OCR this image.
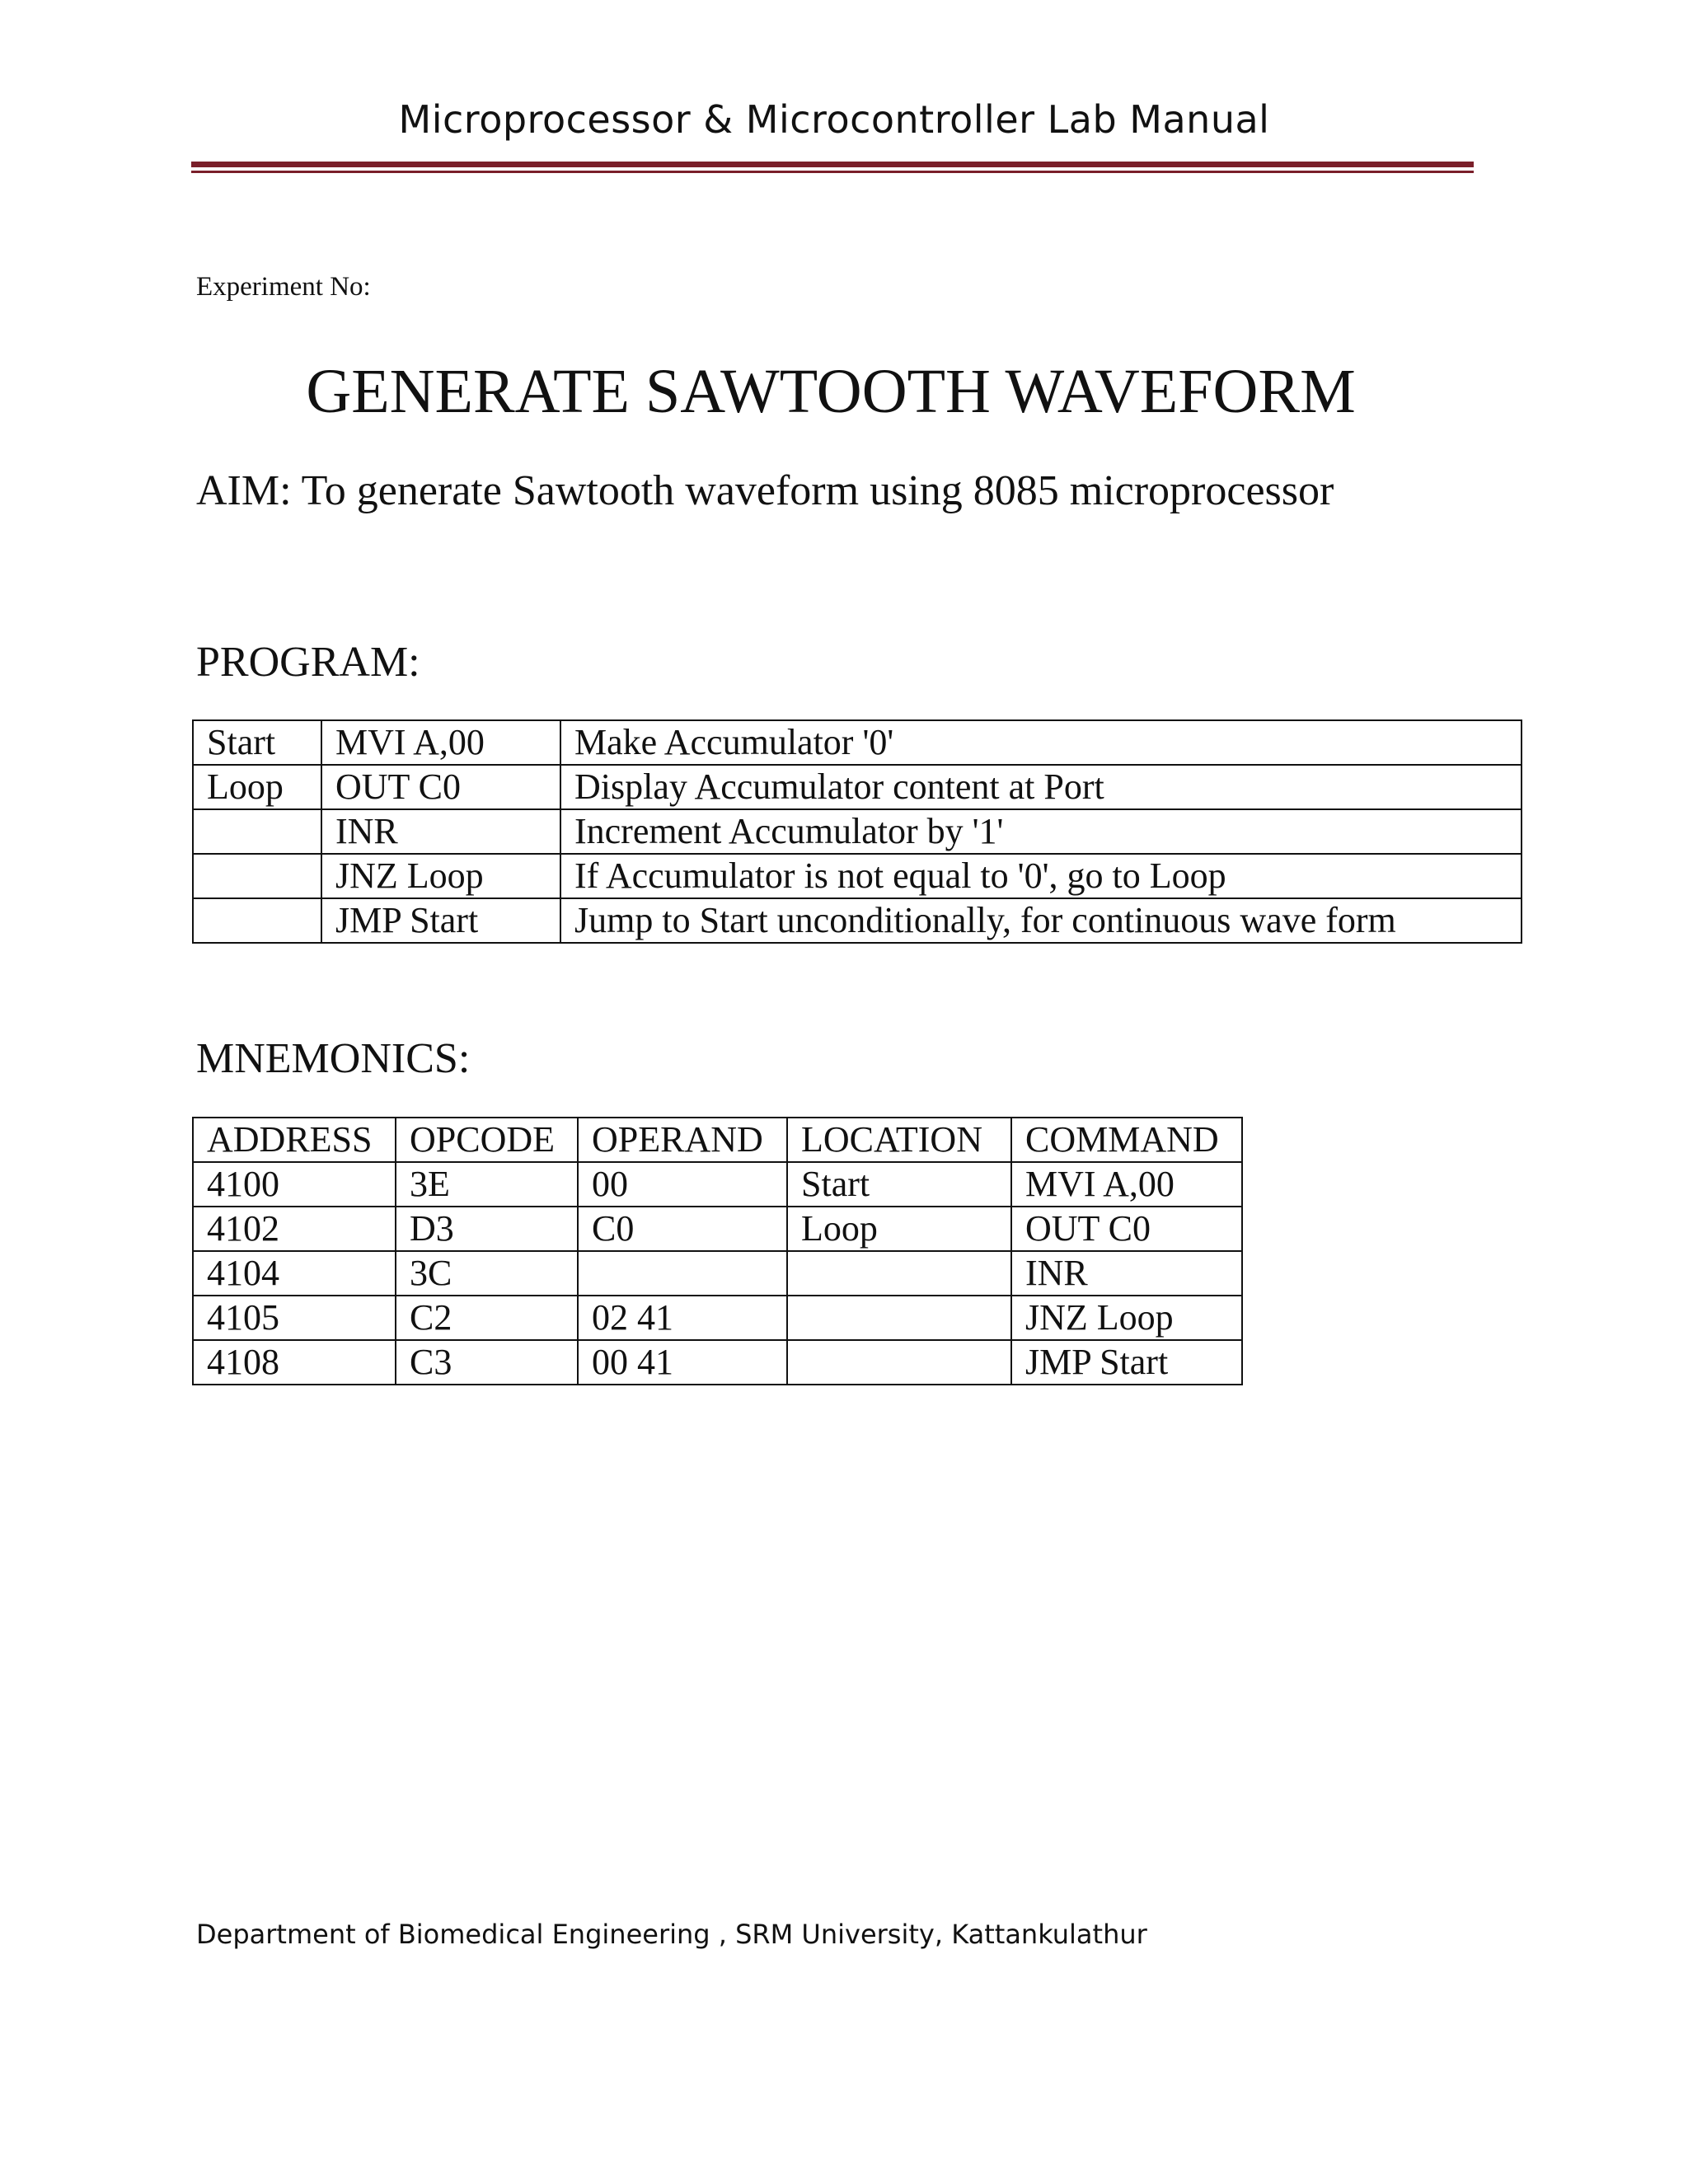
Microprocessor & Microcontroller Lab Manual
Experiment No:
GENERATE SAWTOOTH WAVEFORM
AIM: To generate Sawtooth waveform using 8085 microprocessor
PROGRAM:
Start	MVI A,00	Make Accumulator '0'
Loop	OUT C0	Display Accumulator content at Port
	INR	Increment Accumulator by '1'
	JNZ Loop	If Accumulator is not equal to '0', go to Loop
	JMP Start	Jump to Start unconditionally, for continuous wave form
MNEMONICS:
ADDRESS	OPCODE	OPERAND	LOCATION	COMMAND
4100	3E	00	Start	MVI A,00
4102	D3	C0	Loop	OUT C0
4104	3C			INR
4105	C2	02 41		JNZ Loop
4108	C3	00 41		JMP Start
Department of Biomedical Engineering , SRM University, Kattankulathur
